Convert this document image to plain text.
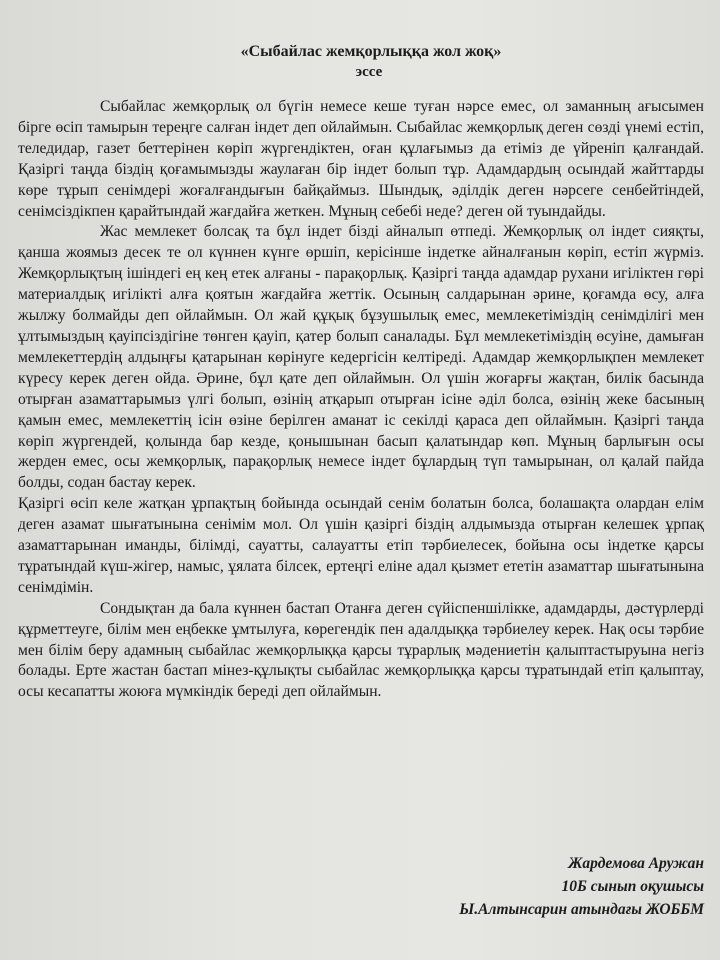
«Сыбайлас жемқорлыққа жол жоқ»
эссе

Сыбайлас жемқорлық ол бүгін немесе кеше туған нәрсе емес, ол заманның ағысымен бірге өсіп тамырын тереңге салған індет деп ойлаймын. Сыбайлас жемқорлық деген сөзді үнемі естіп, теледидар, газет беттерінен көріп жүргендіктен, оған құлағымыз да етіміз де үйреніп қалғандай. Қазіргі таңда біздің қоғамымызды жаулаған бір індет болып тұр. Адамдардың осындай жайттарды көре тұрып сенімдері жоғалғандығын байқаймыз. Шындық, әділдік деген нәрсеге сенбейтіндей, сенімсіздікпен қарайтындай жағдайға жеткен. Мұның себебі неде? деген ой туындайды.

Жас мемлекет болсақ та бұл індет бізді айналып өтпеді. Жемқорлық ол індет сияқты, қанша жоямыз десек те ол күннен күнге өршіп, керісінше індетке айналғанын көріп, естіп жүрміз. Жемқорлықтың ішіндегі ең кең етек алғаны - парақорлық. Қазіргі таңда адамдар рухани игіліктен гөрі материалдық игілікті алға қоятын жағдайға жеттік. Осының салдарынан әрине, қоғамда өсу, алға жылжу болмайды деп ойлаймын. Ол жай құқық бұзушылық емес, мемлекетіміздің сенімділігі мен ұлтымыздың қауіпсіздігіне төнген қауіп, қатер болып саналады. Бұл мемлекетіміздің өсуіне, дамыған мемлекеттердің алдыңғы қатарынан көрінуге кедергісін келтіреді. Адамдар жемқорлықпен мемлекет күресу керек деген ойда. Әрине, бұл қате деп ойлаймын. Ол үшін жоғарғы жақтан, билік басында отырған азаматтарымыз үлгі болып, өзінің атқарып отырған ісіне әділ болса, өзінің жеке басының қамын емес, мемлекеттің ісін өзіне берілген аманат іс секілді қараса деп ойлаймын. Қазіргі таңда көріп жүргендей, қолында бар кезде, қонышынан басып қалатындар көп. Мұның барлығын осы жерден емес, осы жемқорлық, парақорлық немесе індет бұлардың түп тамырынан, ол қалай пайда болды, содан бастау керек.

Қазіргі өсіп келе жатқан ұрпақтың бойында осындай сенім болатын болса, болашақта олардан елім деген азамат шығатынына сенімім мол. Ол үшін қазіргі біздің алдымызда отырған келешек ұрпақ азаматтарынан иманды, білімді, сауатты, салауатты етіп тәрбиелесек, бойына осы індетке қарсы тұратындай күш-жігер, намыс, ұялата білсек, ертеңгі еліне адал қызмет ететін азаматтар шығатынына сенімдімін.

Сондықтан да бала күннен бастап Отанға деген сүйіспеншілікке, адамдарды, дәстүрлерді құрметтеуге, білім мен еңбекке ұмтылуға, көрегендік пен адалдыққа тәрбиелеу керек. Нақ осы тәрбие мен білім беру адамның сыбайлас жемқорлыққа қарсы тұрарлық мәдениетін қалыптастыруына негіз болады. Ерте жастан бастап мінез-құлықты сыбайлас жемқорлыққа қарсы тұратындай етіп қалыптау, осы кесапатты жоюға мүмкіндік береді деп ойлаймын.

Жардемова Аружан
10Б сынып оқушысы
Ы.Алтынсарин атындағы ЖОББМ
